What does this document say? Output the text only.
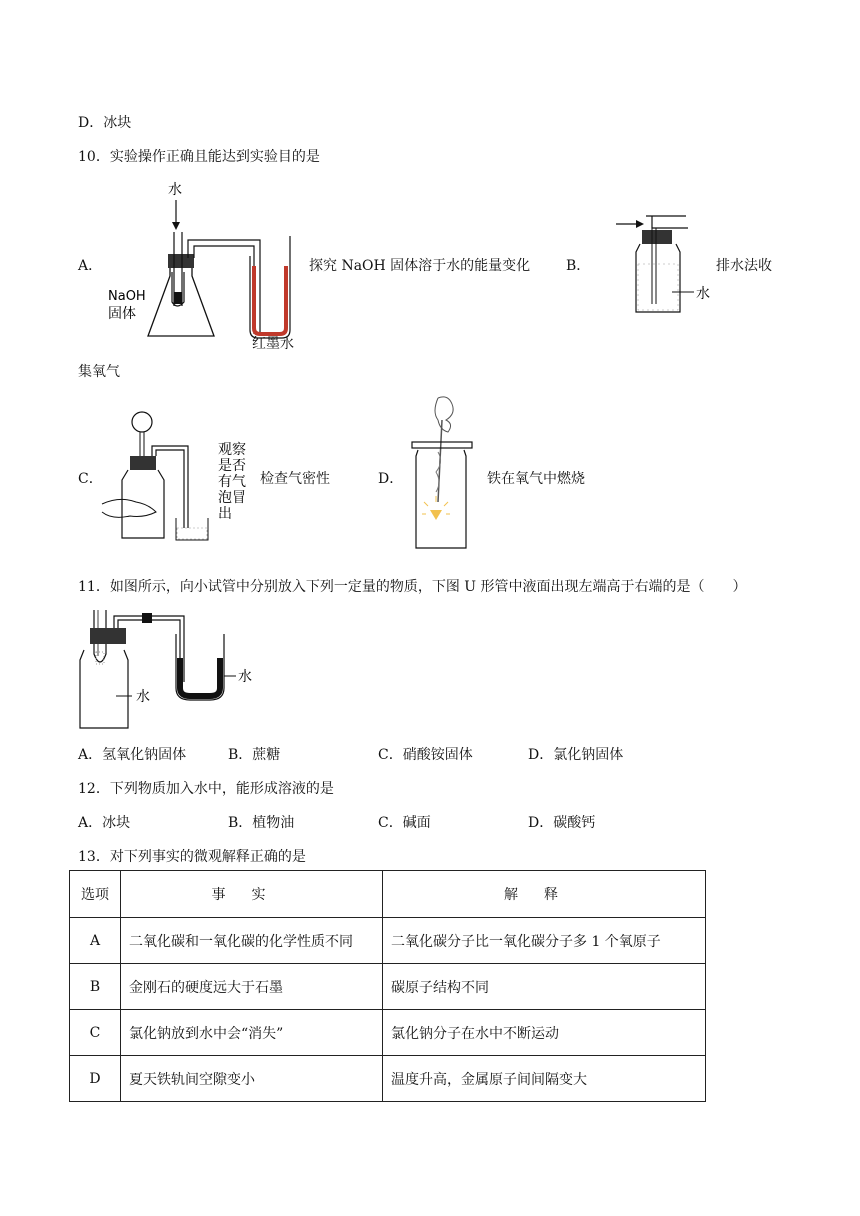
D．冰块
10．实验操作正确且能达到实验目的是
A．
水
NaOH
固体
红墨水
探究 NaOH 固体溶于水的能量变化	B．
水
排水法收
集氧气
C．
观察
是否
有气
泡冒
出
检查气密性	D．	铁在氧气中燃烧
11．如图所示，向小试管中分别放入下列一定量的物质，下图 U 形管中液面出现左端高于右端的是（　　）
水
水
A．氢氧化钠固体	B．蔗糖	C．硝酸铵固体	D．氯化钠固体
12．下列物质加入水中，能形成溶液的是
A．冰块	B．植物油	C．碱面	D．碳酸钙
13．对下列事实的微观解释正确的是
选项	事实	解释
A	二氧化碳和一氧化碳的化学性质不同	二氧化碳分子比一氧化碳分子多 1 个氧原子
B	金刚石的硬度远大于石墨	碳原子结构不同
C	氯化钠放到水中会“消失”	氯化钠分子在水中不断运动
D	夏天铁轨间空隙变小	温度升高，金属原子间间隔变大
